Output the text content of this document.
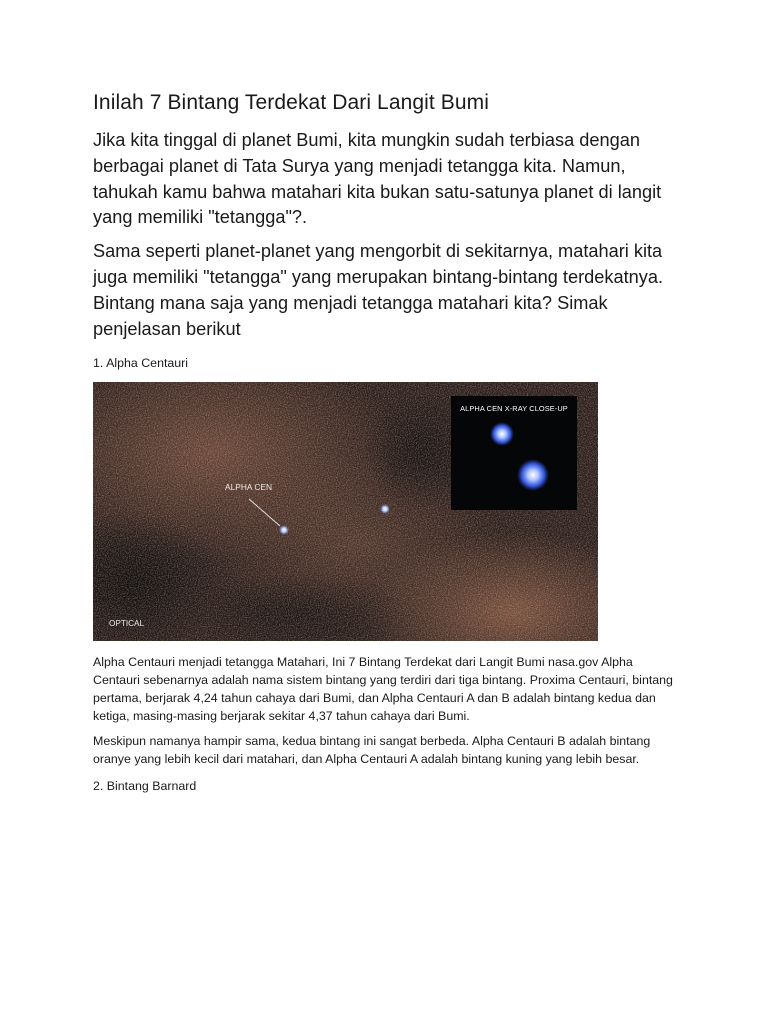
Inilah 7 Bintang Terdekat Dari Langit Bumi

Jika kita tinggal di planet Bumi, kita mungkin sudah terbiasa dengan berbagai planet di Tata Surya yang menjadi tetangga kita. Namun, tahukah kamu bahwa matahari kita bukan satu-satunya planet di langit yang memiliki "tetangga"?.

Sama seperti planet-planet yang mengorbit di sekitarnya, matahari kita juga memiliki "tetangga" yang merupakan bintang-bintang terdekatnya. Bintang mana saja yang menjadi tetangga matahari kita? Simak penjelasan berikut

1. Alpha Centauri

ALPHA CEN X-RAY CLOSE-UP
ALPHA CEN
OPTICAL

Alpha Centauri menjadi tetangga Matahari, Ini 7 Bintang Terdekat dari Langit Bumi nasa.gov Alpha Centauri sebenarnya adalah nama sistem bintang yang terdiri dari tiga bintang. Proxima Centauri, bintang pertama, berjarak 4,24 tahun cahaya dari Bumi, dan Alpha Centauri A dan B adalah bintang kedua dan ketiga, masing-masing berjarak sekitar 4,37 tahun cahaya dari Bumi.

Meskipun namanya hampir sama, kedua bintang ini sangat berbeda. Alpha Centauri B adalah bintang oranye yang lebih kecil dari matahari, dan Alpha Centauri A adalah bintang kuning yang lebih besar.

2. Bintang Barnard
